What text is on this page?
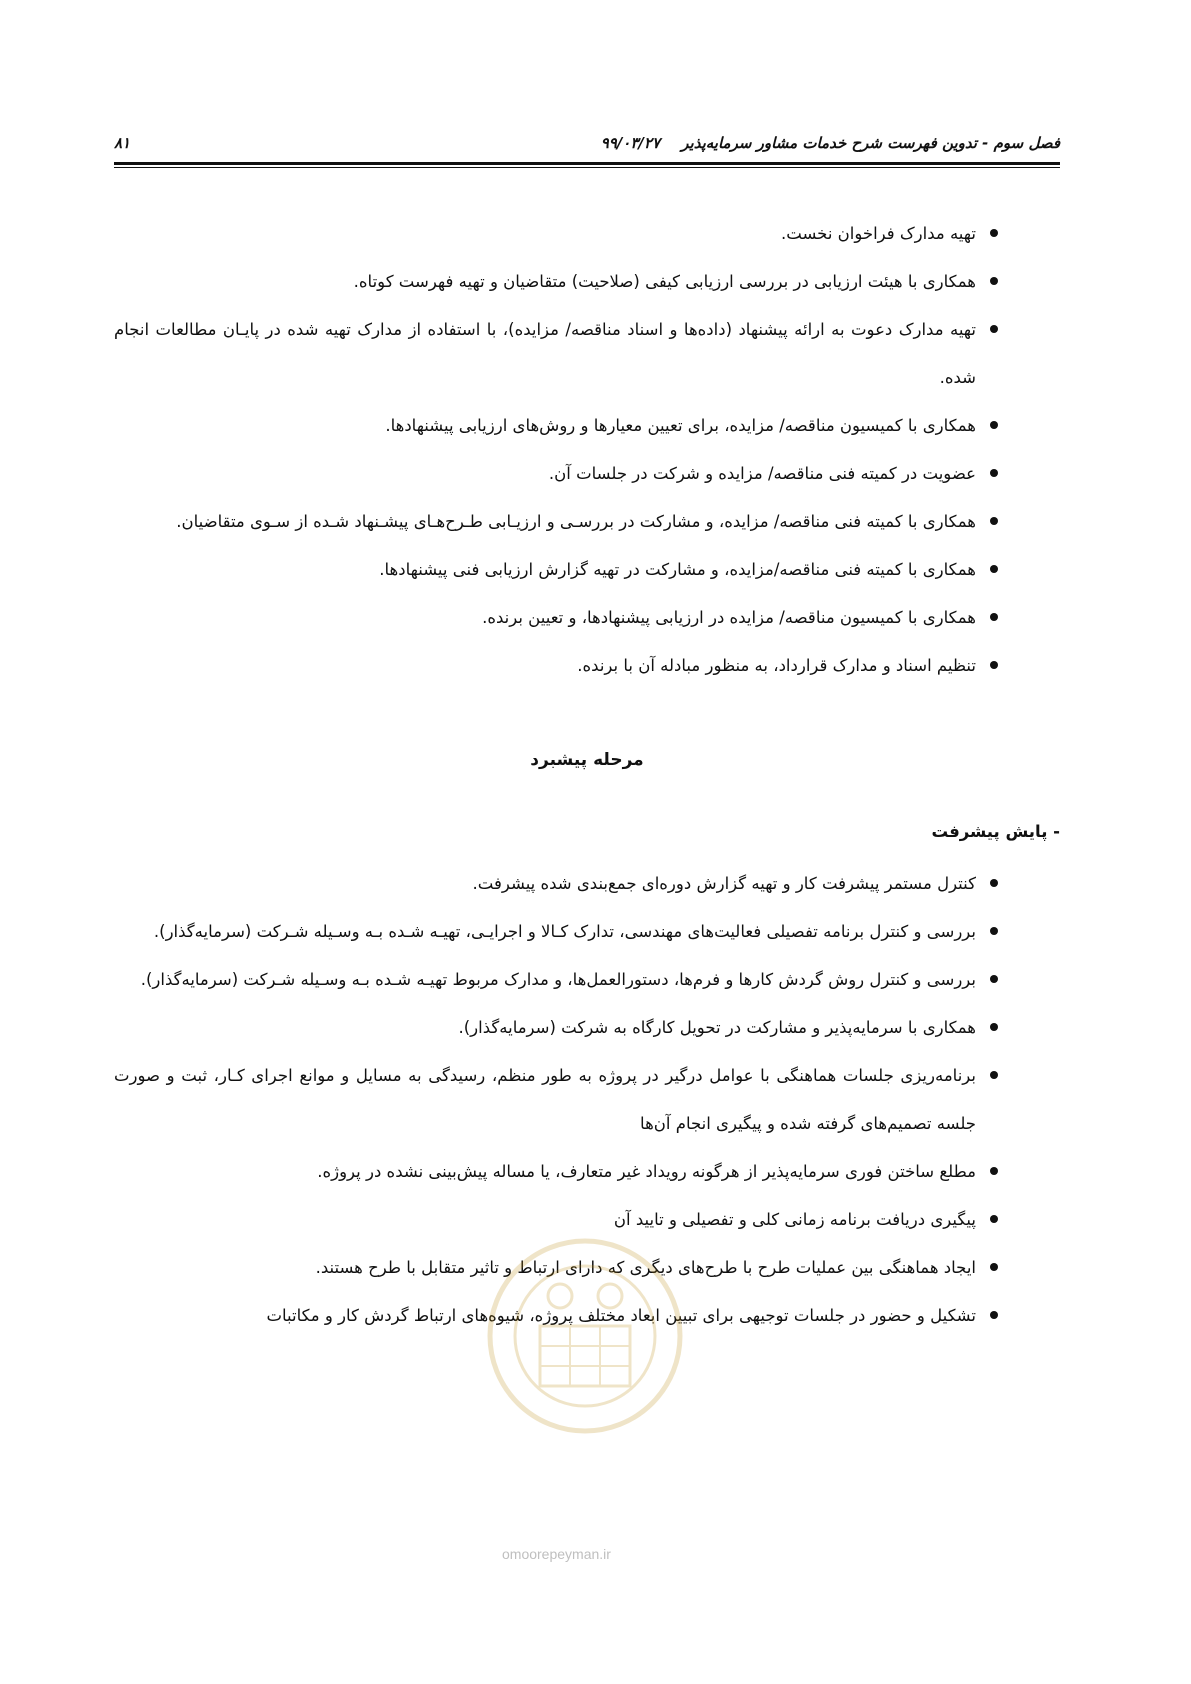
فصل سوم - تدوین فهرست شرح خدمات مشاور سرمایه‌پذیر
۹۹/۰۳/۲۷
۸۱
تهیه مدارک فراخوان نخست.
همکاری با هیئت ارزیابی در بررسی ارزیابی کیفی (صلاحیت) متقاضیان و تهیه فهرست کوتاه.
تهیه مدارک دعوت به ارائه پیشنهاد (داده‌ها و اسناد مناقصه/ مزایده)، با استفاده از مدارک تهیه شده در پایـان مطالعات انجام شده.
همکاری با کمیسیون مناقصه/ مزایده، برای تعیین معیارها و روش‌های ارزیابی پیشنهادها.
عضویت در کمیته فنی مناقصه/ مزایده و شرکت در جلسات آن.
همکاری با کمیته فنی مناقصه/ مزایده، و مشارکت در بررسـی و ارزیـابی طـرح‌هـای پیشـنهاد شـده از سـوی متقاضیان.
همکاری با کمیته فنی مناقصه/مزایده، و مشارکت در تهیه گزارش ارزیابی فنی پیشنهادها.
همکاری با کمیسیون مناقصه/ مزایده در ارزیابی پیشنهادها، و تعیین برنده.
تنظیم اسناد و مدارک قرارداد، به منظور مبادله آن با برنده.
مرحله پیشبرد
- پایش پیشرفت
کنترل مستمر پیشرفت کار و تهیه گزارش دوره‌ای جمع‌بندی شده پیشرفت.
بررسی و کنترل برنامه تفصیلی فعالیت‌های مهندسی، تدارک کـالا و اجرایـی، تهیـه شـده بـه وسـیله شـرکت (سرمایه‌گذار).
بررسی و کنترل روش گردش کارها و فرم‌ها، دستورالعمل‌ها، و مدارک مربوط تهیـه شـده بـه وسـیله شـرکت (سرمایه‌گذار).
همکاری با سرمایه‌پذیر و مشارکت در تحویل کارگاه به شرکت (سرمایه‌گذار).
برنامه‌ریزی جلسات هماهنگی با عوامل درگیر در پروژه به طور منظم، رسیدگی به مسایل و موانع اجرای کـار، ثبت و صورت جلسه تصمیم‌های گرفته شده و پیگیری انجام آن‌ها
مطلع ساختن فوری سرمایه‌پذیر از هرگونه رویداد غیر متعارف، یا مساله پیش‌بینی نشده در پروژه.
پیگیری دریافت برنامه زمانی کلی و تفصیلی و تایید آن
ایجاد هماهنگی بین عملیات طرح با طرح‌های دیگری که دارای ارتباط و تاثیر متقابل با طرح هستند.
تشکیل و حضور در جلسات توجیهی برای تبیین ابعاد مختلف پروژه، شیوه‌های ارتباط گردش کار و مکاتبات
omoorepeyman.ir
